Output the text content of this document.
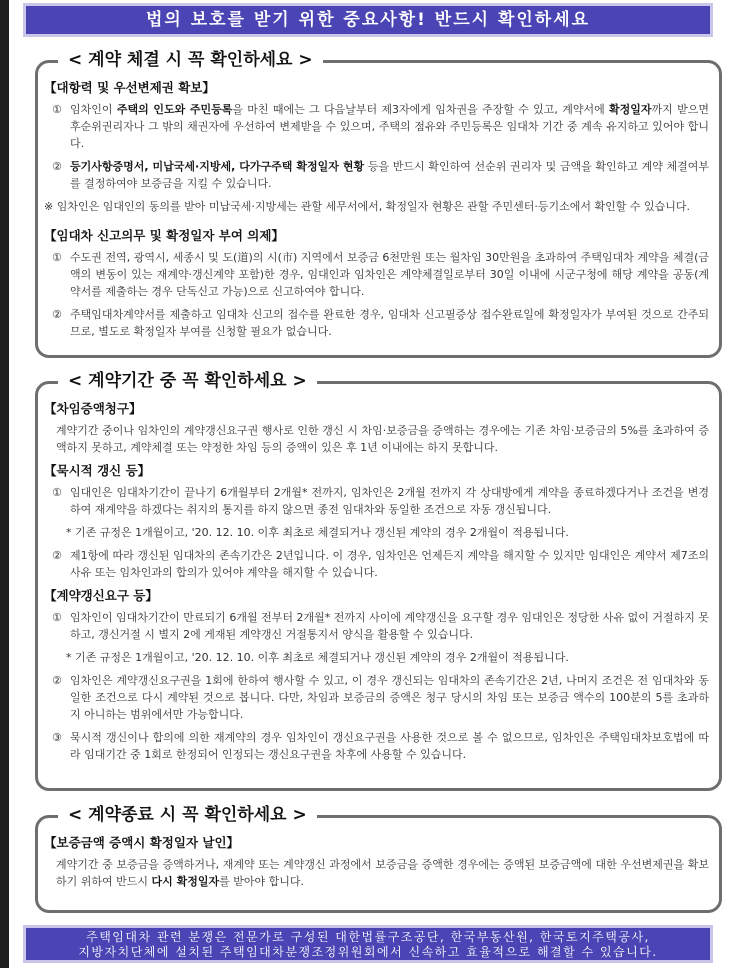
법의 보호를 받기 위한 중요사항! 반드시 확인하세요
< 계약 체결 시 꼭 확인하세요 >
【대항력 및 우선변제권 확보】
① 임차인이 주택의 인도와 주민등록을 마친 때에는 그 다음날부터 제3자에게 임차권을 주장할 수 있고, 계약서에 확정일자까지 받으면 후순위권리자나 그 밖의 채권자에 우선하여 변제받을 수 있으며, 주택의 점유와 주민등록은 임대차 기간 중 계속 유지하고 있어야 합니다.
② 등기사항증명서, 미납국세·지방세, 다가구주택 확정일자 현황 등을 반드시 확인하여 선순위 권리자 및 금액을 확인하고 계약 체결여부를 결정하여야 보증금을 지킬 수 있습니다.
※ 임차인은 임대인의 동의를 받아 미납국세·지방세는 관할 세무서에서, 확정일자 현황은 관할 주민센터·등기소에서 확인할 수 있습니다.
【임대차 신고의무 및 확정일자 부여 의제】
① 수도권 전역, 광역시, 세종시 및 도(道)의 시(市) 지역에서 보증금 6천만원 또는 월차임 30만원을 초과하여 주택임대차 계약을 체결(금액의 변동이 있는 재계약·갱신계약 포함)한 경우, 임대인과 임차인은 계약체결일로부터 30일 이내에 시군구청에 해당 계약을 공동(계약서를 제출하는 경우 단독신고 가능)으로 신고하여야 합니다.
② 주택임대차계약서를 제출하고 임대차 신고의 접수를 완료한 경우, 임대차 신고필증상 접수완료일에 확정일자가 부여된 것으로 간주되므로, 별도로 확정일자 부여를 신청할 필요가 없습니다.
< 계약기간 중 꼭 확인하세요 >
【차임증액청구】
계약기간 중이나 임차인의 계약갱신요구권 행사로 인한 갱신 시 차임·보증금을 증액하는 경우에는 기존 차임·보증금의 5%를 초과하여 증액하지 못하고, 계약체결 또는 약정한 차임 등의 증액이 있은 후 1년 이내에는 하지 못합니다.
【묵시적 갱신 등】
① 임대인은 임대차기간이 끝나기 6개월부터 2개월* 전까지, 임차인은 2개월 전까지 각 상대방에게 계약을 종료하겠다거나 조건을 변경하여 재계약을 하겠다는 취지의 통지를 하지 않으면 종전 임대차와 동일한 조건으로 자동 갱신됩니다.
* 기존 규정은 1개월이고, '20. 12. 10. 이후 최초로 체결되거나 갱신된 계약의 경우 2개월이 적용됩니다.
② 제1항에 따라 갱신된 임대차의 존속기간은 2년입니다. 이 경우, 임차인은 언제든지 계약을 해지할 수 있지만 임대인은 계약서 제7조의 사유 또는 임차인과의 합의가 있어야 계약을 해지할 수 있습니다.
【계약갱신요구 등】
① 임차인이 임대차기간이 만료되기 6개월 전부터 2개월* 전까지 사이에 계약갱신을 요구할 경우 임대인은 정당한 사유 없이 거절하지 못하고, 갱신거절 시 별지 2에 게재된 계약갱신 거절통지서 양식을 활용할 수 있습니다.
* 기존 규정은 1개월이고, '20. 12. 10. 이후 최초로 체결되거나 갱신된 계약의 경우 2개월이 적용됩니다.
② 임차인은 계약갱신요구권을 1회에 한하여 행사할 수 있고, 이 경우 갱신되는 임대차의 존속기간은 2년, 나머지 조건은 전 임대차와 동일한 조건으로 다시 계약된 것으로 봅니다. 다만, 차임과 보증금의 증액은 청구 당시의 차임 또는 보증금 액수의 100분의 5를 초과하지 아니하는 범위에서만 가능합니다.
③ 묵시적 갱신이나 합의에 의한 재계약의 경우 임차인이 갱신요구권을 사용한 것으로 볼 수 없으므로, 임차인은 주택임대차보호법에 따라 임대기간 중 1회로 한정되어 인정되는 갱신요구권을 차후에 사용할 수 있습니다.
< 계약종료 시 꼭 확인하세요 >
【보증금액 증액시 확정일자 날인】
계약기간 중 보증금을 증액하거나, 재계약 또는 계약갱신 과정에서 보증금을 증액한 경우에는 증액된 보증금액에 대한 우선변제권을 확보하기 위하여 반드시 다시 확정일자를 받아야 합니다.
주택임대차 관련 분쟁은 전문가로 구성된 대한법률구조공단, 한국부동산원, 한국토지주택공사,
지방자치단체에 설치된 주택임대차분쟁조정위원회에서 신속하고 효율적으로 해결할 수 있습니다.
